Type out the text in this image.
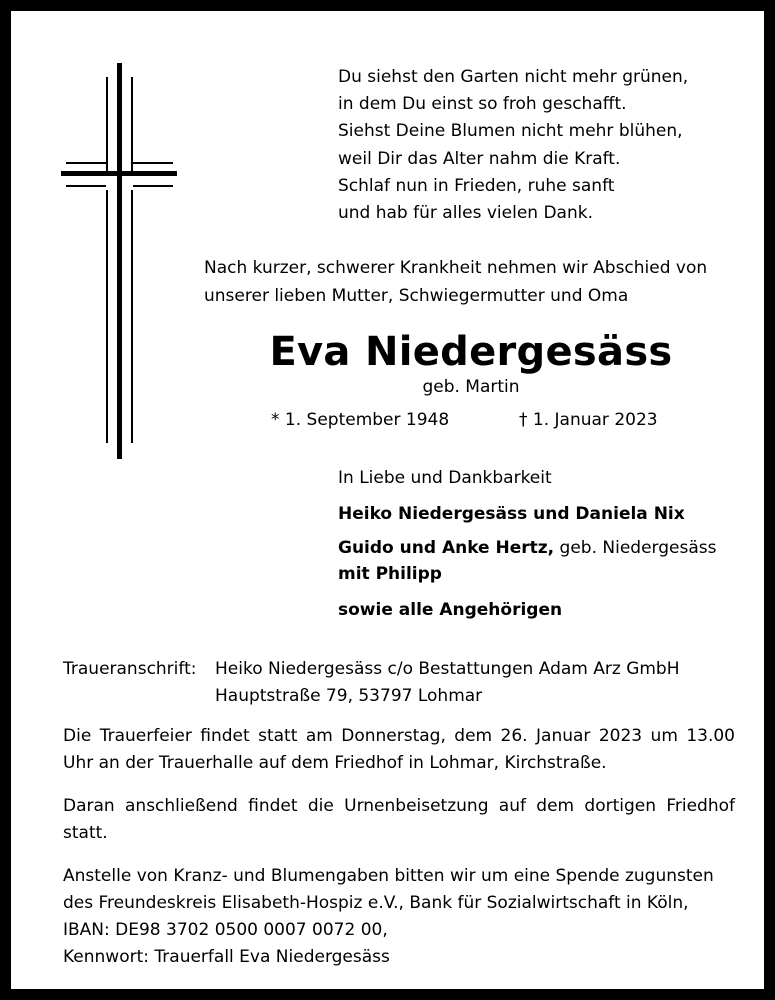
Du siehst den Garten nicht mehr grünen,
in dem Du einst so froh geschafft.
Siehst Deine Blumen nicht mehr blühen,
weil Dir das Alter nahm die Kraft.
Schlaf nun in Frieden, ruhe sanft
und hab für alles vielen Dank.
Nach kurzer, schwerer Krankheit nehmen wir Abschied von
unserer lieben Mutter, Schwiegermutter und Oma
Eva Niedergesäss
geb. Martin
* 1. September 1948	† 1. Januar 2023
In Liebe und Dankbarkeit
Heiko Niedergesäss und Daniela Nix
Guido und Anke Hertz, geb. Niedergesäss
mit Philipp
sowie alle Angehörigen
Traueranschrift: Heiko Niedergesäss c/o Bestattungen Adam Arz GmbH
Hauptstraße 79, 53797 Lohmar
Die Trauerfeier findet statt am Donnerstag, dem 26. Januar 2023 um 13.00 Uhr an der Trauerhalle auf dem Friedhof in Lohmar, Kirchstraße.
Daran anschließend findet die Urnenbeisetzung auf dem dortigen Friedhof statt.
Anstelle von Kranz- und Blumengaben bitten wir um eine Spende zugunsten
des Freundeskreis Elisabeth-Hospiz e.V., Bank für Sozialwirtschaft in Köln,
IBAN: DE98 3702 0500 0007 0072 00,
Kennwort: Trauerfall Eva Niedergesäss
